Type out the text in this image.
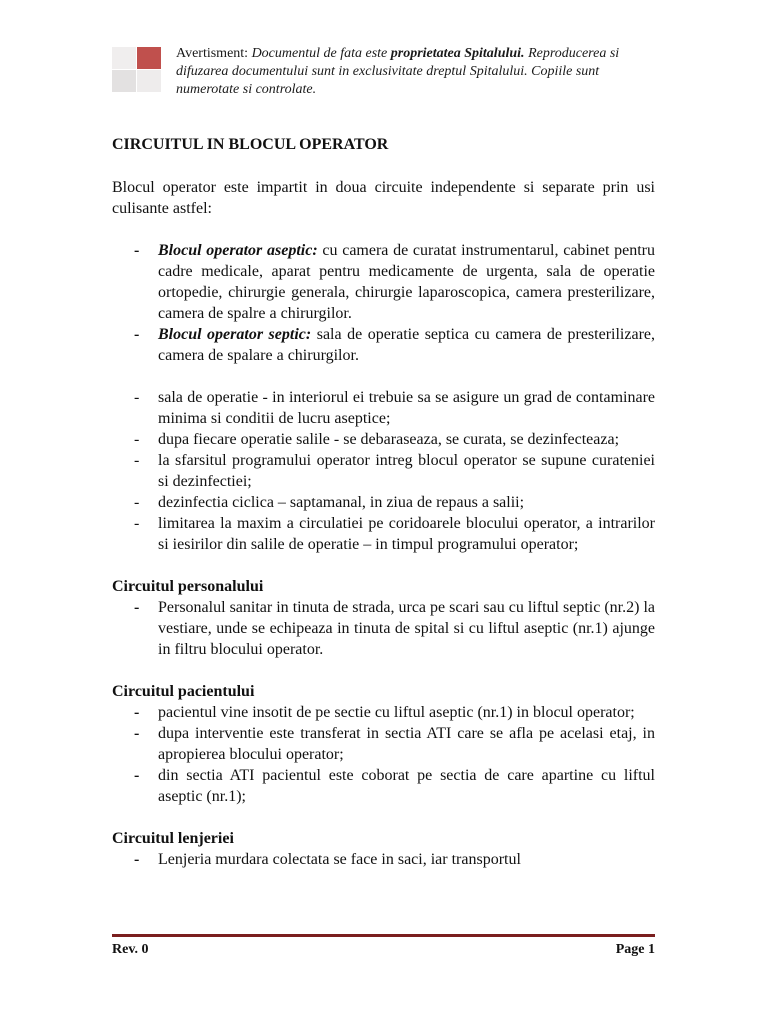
Avertisment: Documentul de fata este proprietatea Spitalului. Reproducerea si difuzarea documentului sunt in exclusivitate dreptul Spitalului. Copiile sunt numerotate si controlate.
CIRCUITUL IN BLOCUL OPERATOR

Blocul operator este impartit in doua circuite independente si separate prin usi culisante astfel:

- Blocul operator aseptic: cu camera de curatat instrumentarul, cabinet pentru cadre medicale, aparat pentru medicamente de urgenta, sala de operatie ortopedie, chirurgie generala, chirurgie laparoscopica, camera presterilizare, camera de spalre a chirurgilor.
- Blocul operator septic: sala de operatie septica cu camera de presterilizare, camera de spalare a chirurgilor.
- sala de operatie - in interiorul ei trebuie sa se asigure un grad de contaminare minima si conditii de lucru aseptice;
- dupa fiecare operatie salile - se debaraseaza, se curata, se dezinfecteaza;
- la sfarsitul programului operator intreg blocul operator se supune curateniei si dezinfectiei;
- dezinfectia ciclica – saptamanal, in ziua de repaus a salii;
- limitarea la maxim a circulatiei pe coridoarele blocului operator, a intrarilor si iesirilor din salile de operatie – in timpul programului operator;
Circuitul personalului
- Personalul sanitar in tinuta de strada, urca pe scari sau cu liftul septic (nr.2) la vestiare, unde se echipeaza in tinuta de spital si cu liftul aseptic (nr.1) ajunge in filtru blocului operator.
Circuitul pacientului
- pacientul vine insotit de pe sectie cu liftul aseptic (nr.1) in blocul operator;
- dupa interventie este transferat in sectia ATI care se afla pe acelasi etaj, in apropierea blocului operator;
- din sectia ATI pacientul este coborat pe sectia de care apartine cu liftul aseptic (nr.1);
Circuitul lenjeriei
- Lenjeria murdara colectata se face in saci, iar transportul
Rev. 0	Page 1
